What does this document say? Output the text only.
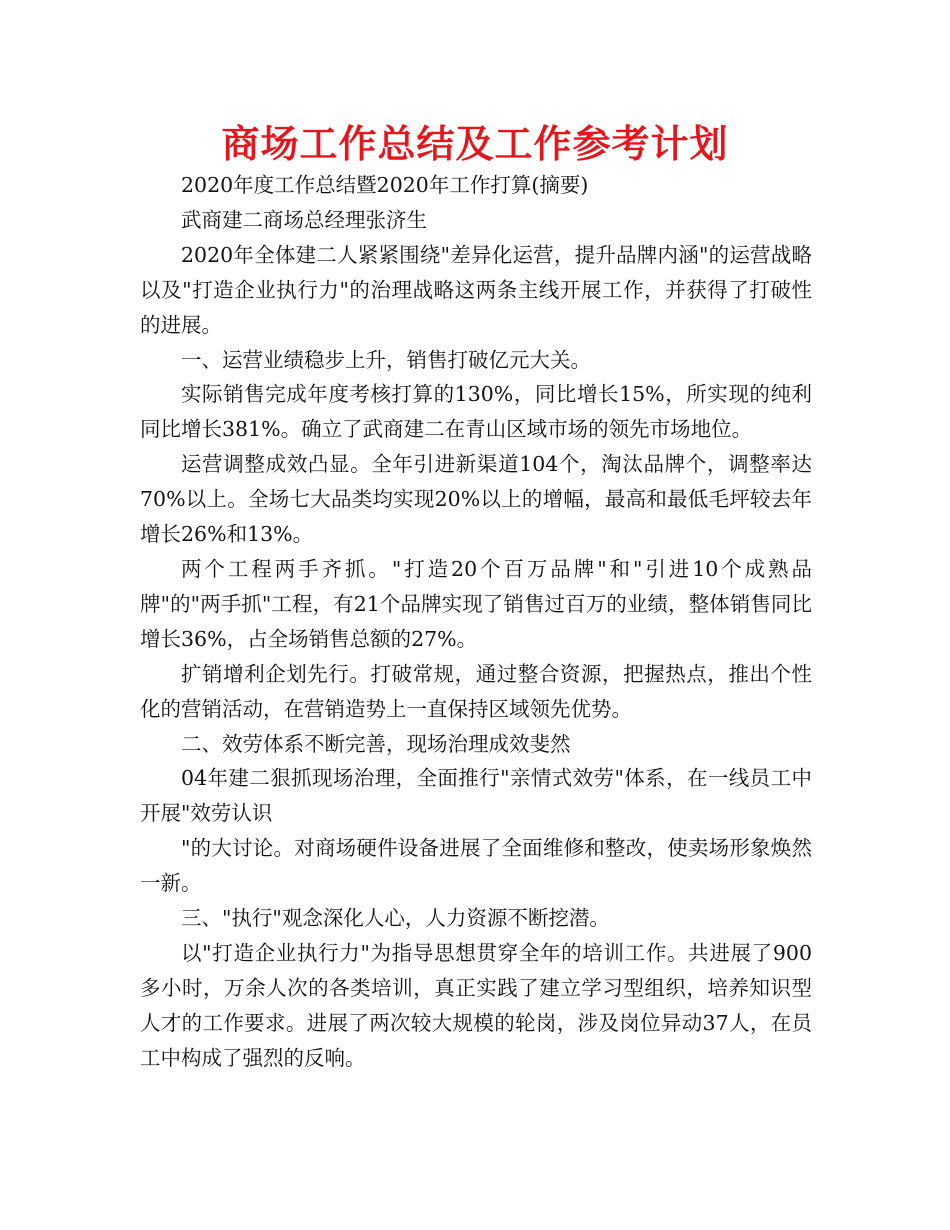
商场工作总结及工作参考计划

2020年度工作总结暨2020年工作打算(摘要)

武商建二商场总经理张济生

2020年全体建二人紧紧围绕"差异化运营，提升品牌内涵"的运营战略以及"打造企业执行力"的治理战略这两条主线开展工作，并获得了打破性的进展。

一、运营业绩稳步上升，销售打破亿元大关。

实际销售完成年度考核打算的130%，同比增长15%，所实现的纯利同比增长381%。确立了武商建二在青山区域市场的领先市场地位。

运营调整成效凸显。全年引进新渠道104个，淘汰品牌个，调整率达70%以上。全场七大品类均实现20%以上的增幅，最高和最低毛坪较去年增长26%和13%。

两个工程两手齐抓。"打造20个百万品牌"和"引进10个成熟品牌"的"两手抓"工程，有21个品牌实现了销售过百万的业绩，整体销售同比增长36%，占全场销售总额的27%。

扩销增利企划先行。打破常规，通过整合资源，把握热点，推出个性化的营销活动，在营销造势上一直保持区域领先优势。

二、效劳体系不断完善，现场治理成效斐然

04年建二狠抓现场治理，全面推行"亲情式效劳"体系，在一线员工中开展"效劳认识

"的大讨论。对商场硬件设备进展了全面维修和整改，使卖场形象焕然一新。

三、"执行"观念深化人心，人力资源不断挖潜。

以"打造企业执行力"为指导思想贯穿全年的培训工作。共进展了900多小时，万余人次的各类培训，真正实践了建立学习型组织，培养知识型人才的工作要求。进展了两次较大规模的轮岗，涉及岗位异动37人，在员工中构成了强烈的反响。
